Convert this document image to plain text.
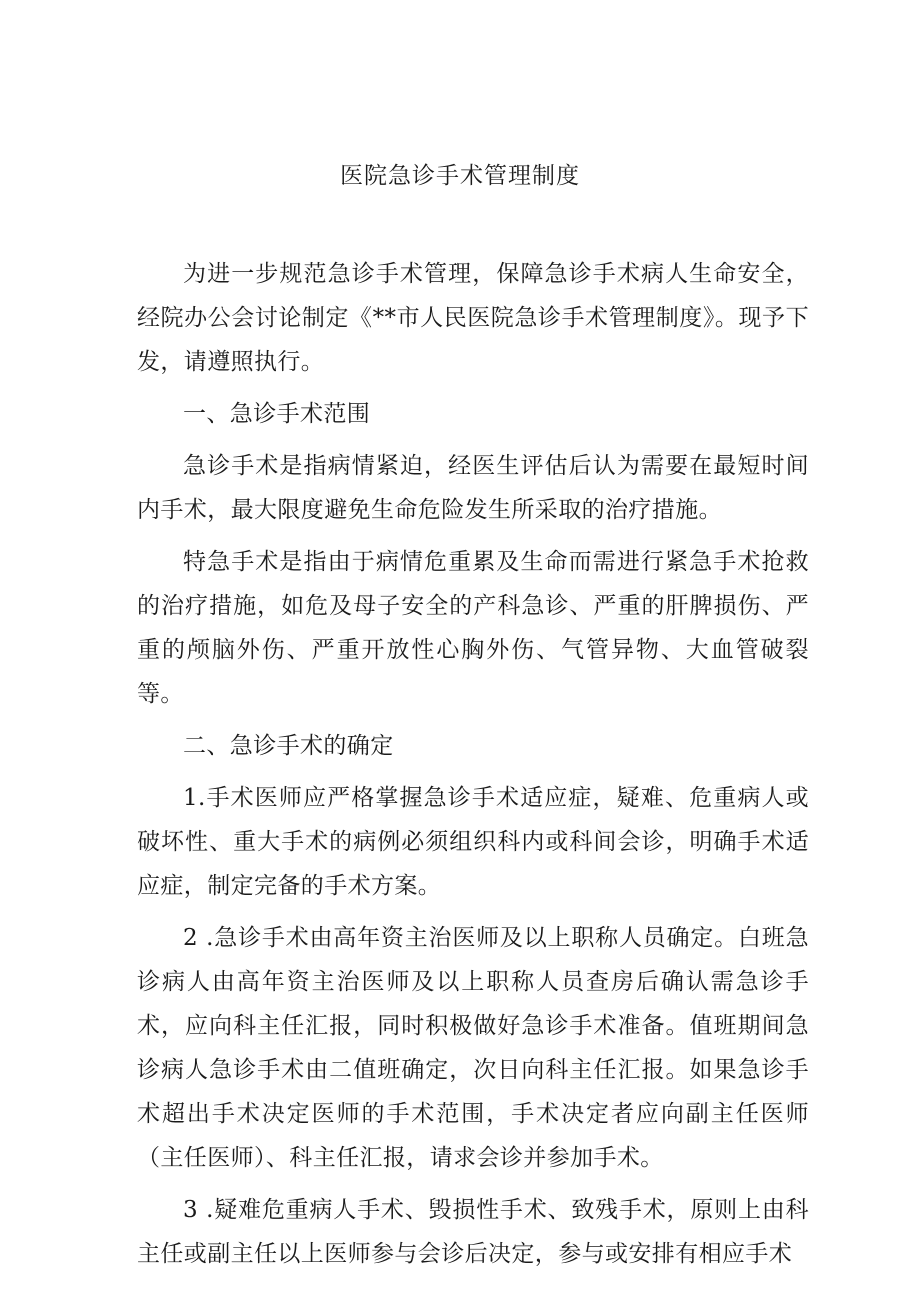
医院急诊手术管理制度

为进一步规范急诊手术管理，保障急诊手术病人生命安全，经院办公会讨论制定《**市人民医院急诊手术管理制度》。现予下发，请遵照执行。

一、急诊手术范围

急诊手术是指病情紧迫，经医生评估后认为需要在最短时间内手术，最大限度避免生命危险发生所采取的治疗措施。

特急手术是指由于病情危重累及生命而需进行紧急手术抢救的治疗措施，如危及母子安全的产科急诊、严重的肝脾损伤、严重的颅脑外伤、严重开放性心胸外伤、气管异物、大血管破裂等。

二、急诊手术的确定

1.手术医师应严格掌握急诊手术适应症，疑难、危重病人或破坏性、重大手术的病例必须组织科内或科间会诊，明确手术适应症，制定完备的手术方案。

2 .急诊手术由高年资主治医师及以上职称人员确定。白班急诊病人由高年资主治医师及以上职称人员查房后确认需急诊手术，应向科主任汇报，同时积极做好急诊手术准备。值班期间急诊病人急诊手术由二值班确定，次日向科主任汇报。如果急诊手术超出手术决定医师的手术范围，手术决定者应向副主任医师（主任医师）、科主任汇报，请求会诊并参加手术。

3 .疑难危重病人手术、毁损性手术、致残手术，原则上由科主任或副主任以上医师参与会诊后决定，参与或安排有相应手术
